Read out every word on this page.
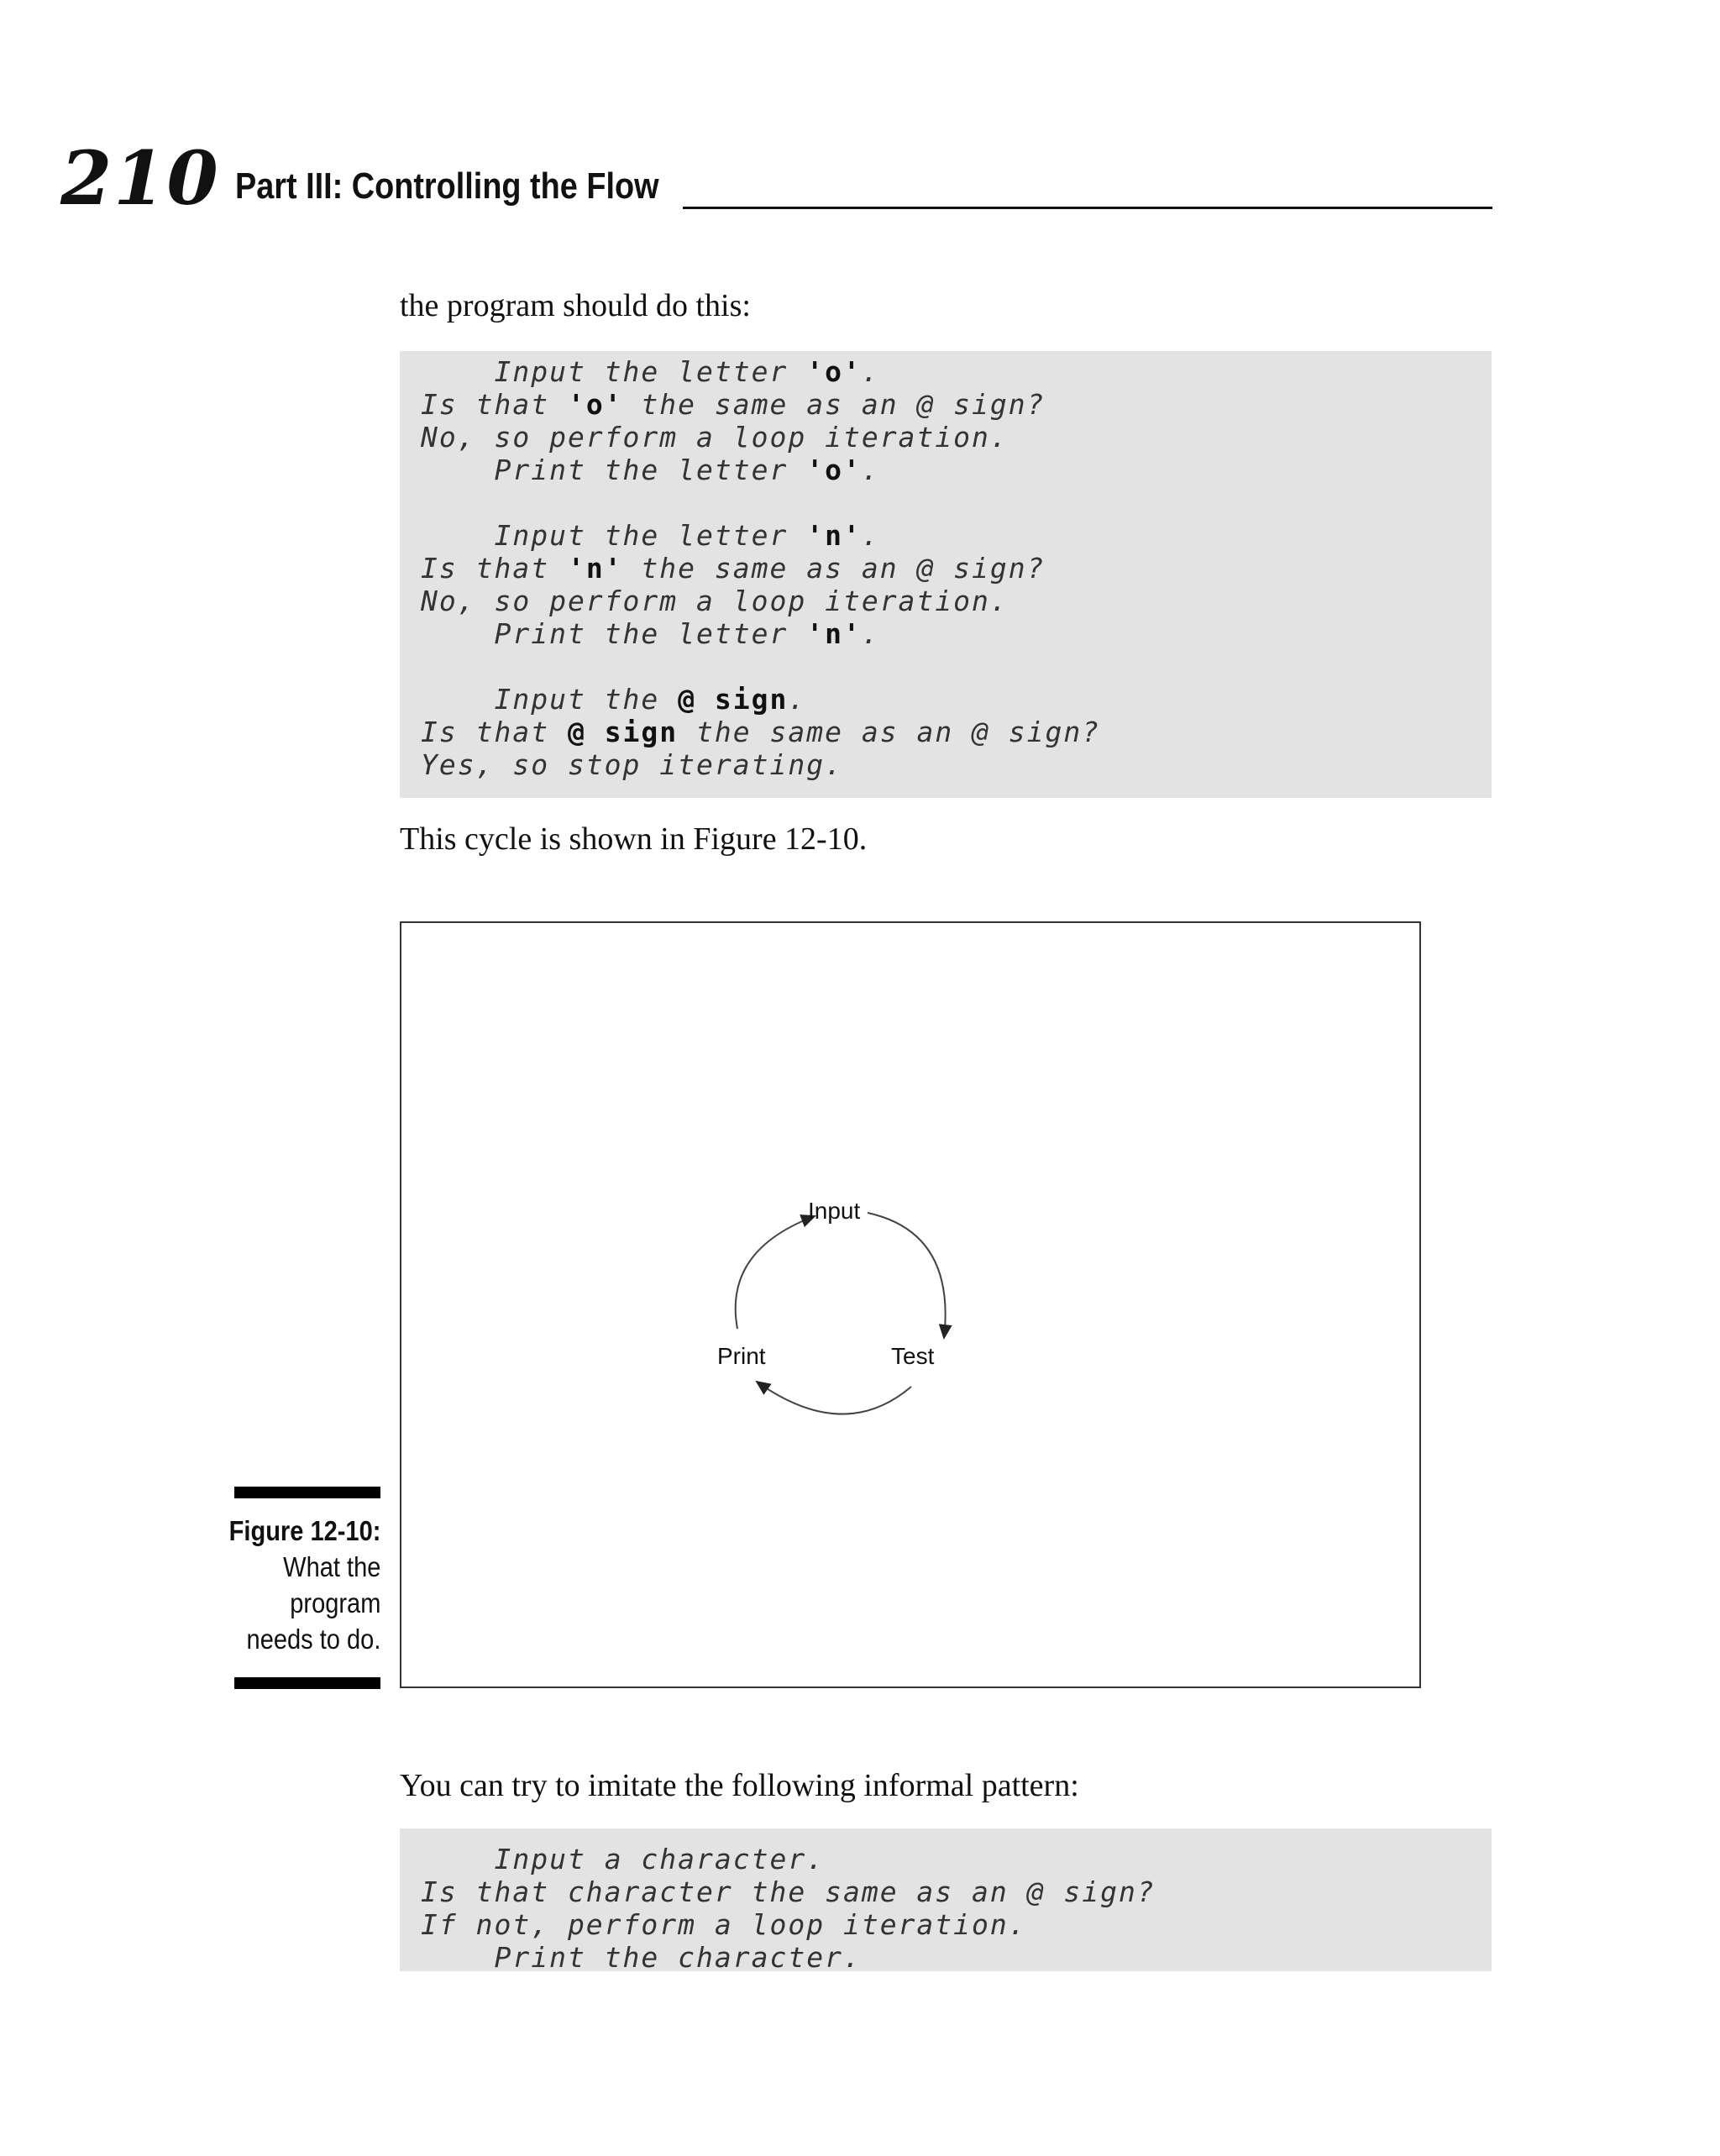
210 Part III: Controlling the Flow
the program should do this:
Input the letter 'o'.
Is that 'o' the same as an @ sign?
No, so perform a loop iteration.
Print the letter 'o'.
Input the letter 'n'.
Is that 'n' the same as an @ sign?
No, so perform a loop iteration.
Print the letter 'n'.
Input the @ sign.
Is that @ sign the same as an @ sign?
Yes, so stop iterating.
This cycle is shown in Figure 12-10.
Input
Test
Print
Figure 12-10:
What the
program
needs to do.
You can try to imitate the following informal pattern:
Input a character.
Is that character the same as an @ sign?
If not, perform a loop iteration.
Print the character.
